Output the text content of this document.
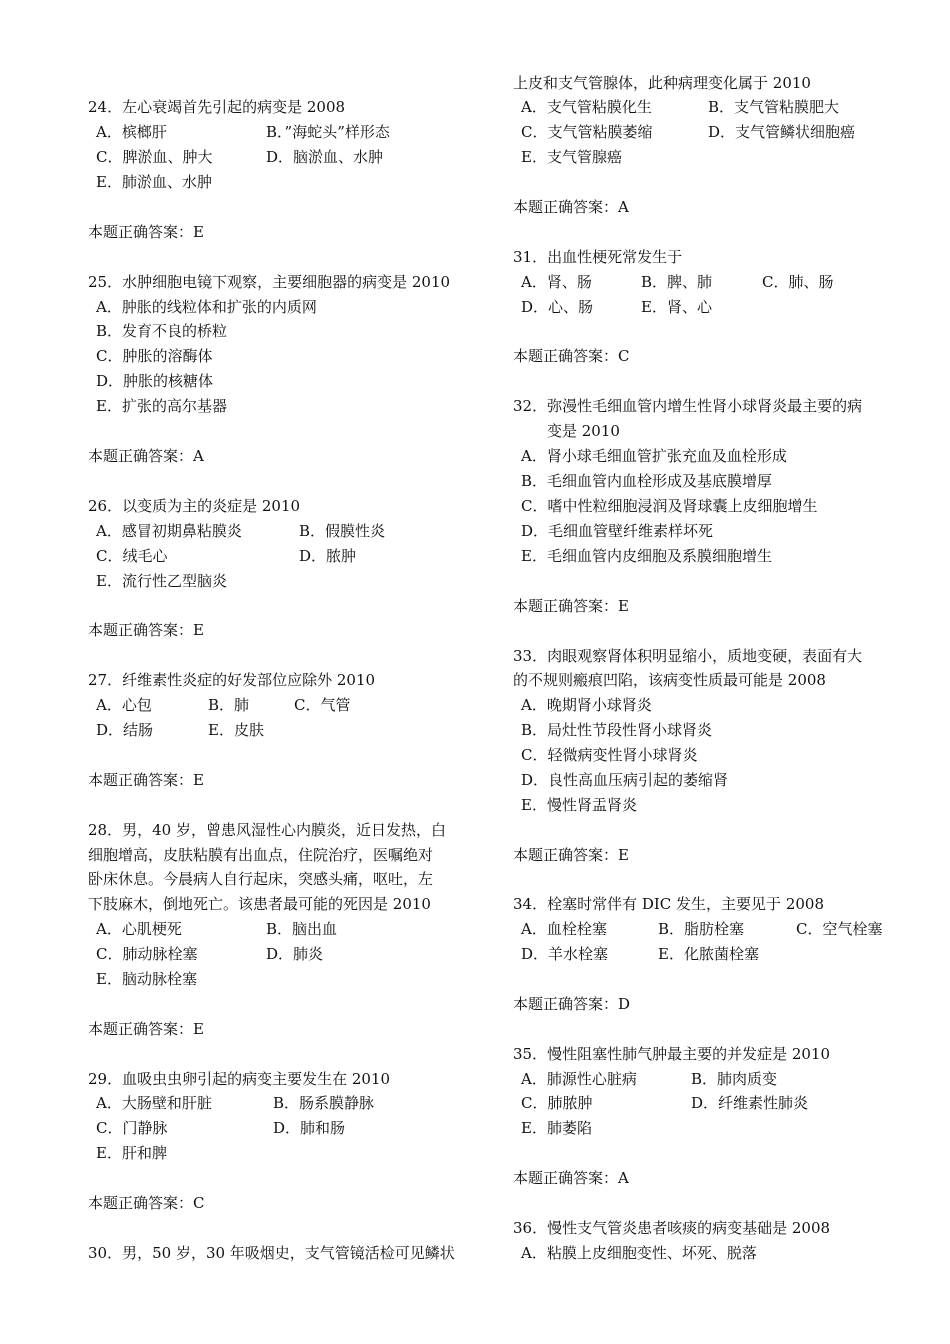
24．左心衰竭首先引起的病变是 2008
A．槟榔肝	B．”海蛇头”样形态
C．脾淤血、肿大	D．脑淤血、水肿
E．肺淤血、水肿
本题正确答案：E
25．水肿细胞电镜下观察，主要细胞器的病变是 2010
A．肿胀的线粒体和扩张的内质网
B．发育不良的桥粒
C．肿胀的溶酶体
D．肿胀的核糖体
E．扩张的高尔基器
本题正确答案：A
26．以变质为主的炎症是 2010
A．感冒初期鼻粘膜炎	B．假膜性炎
C．绒毛心	D．脓肿
E．流行性乙型脑炎
本题正确答案：E
27．纤维素性炎症的好发部位应除外 2010
A．心包	B．肺	C．气管
D．结肠	E．皮肤
本题正确答案：E
28．男，40 岁，曾患风湿性心内膜炎，近日发热，白
细胞增高，皮肤粘膜有出血点，住院治疗，医嘱绝对
卧床休息。今晨病人自行起床，突感头痛，呕吐，左
下肢麻木，倒地死亡。该患者最可能的死因是 2010
A．心肌梗死	B．脑出血
C．肺动脉栓塞	D．肺炎
E．脑动脉栓塞
本题正确答案：E
29．血吸虫虫卵引起的病变主要发生在 2010
A．大肠壁和肝脏	B．肠系膜静脉
C．门静脉	D．肺和肠
E．肝和脾
本题正确答案：C
30．男，50 岁，30 年吸烟史，支气管镜活检可见鳞状
上皮和支气管腺体，此种病理变化属于 2010
A．支气管粘膜化生	B．支气管粘膜肥大
C．支气管粘膜萎缩	D．支气管鳞状细胞癌
E．支气管腺癌
本题正确答案：A
31．出血性梗死常发生于
A．肾、肠	B．脾、肺	C．肺、肠
D．心、肠	E．肾、心
本题正确答案：C
32．弥漫性毛细血管内增生性肾小球肾炎最主要的病
变是 2010
A．肾小球毛细血管扩张充血及血栓形成
B．毛细血管内血栓形成及基底膜增厚
C．嗜中性粒细胞浸润及肾球囊上皮细胞增生
D．毛细血管壁纤维素样坏死
E．毛细血管内皮细胞及系膜细胞增生
本题正确答案：E
33．肉眼观察肾体积明显缩小，质地变硬，表面有大
的不规则瘢痕凹陷，该病变性质最可能是 2008
A．晚期肾小球肾炎
B．局灶性节段性肾小球肾炎
C．轻微病变性肾小球肾炎
D．良性高血压病引起的萎缩肾
E．慢性肾盂肾炎
本题正确答案：E
34．栓塞时常伴有 DIC 发生，主要见于 2008
A．血栓栓塞	B．脂肪栓塞	C．空气栓塞
D．羊水栓塞	E．化脓菌栓塞
本题正确答案：D
35．慢性阻塞性肺气肿最主要的并发症是 2010
A．肺源性心脏病	B．肺肉质变
C．肺脓肿	D．纤维素性肺炎
E．肺萎陷
本题正确答案：A
36．慢性支气管炎患者咳痰的病变基础是 2008
A．粘膜上皮细胞变性、坏死、脱落
